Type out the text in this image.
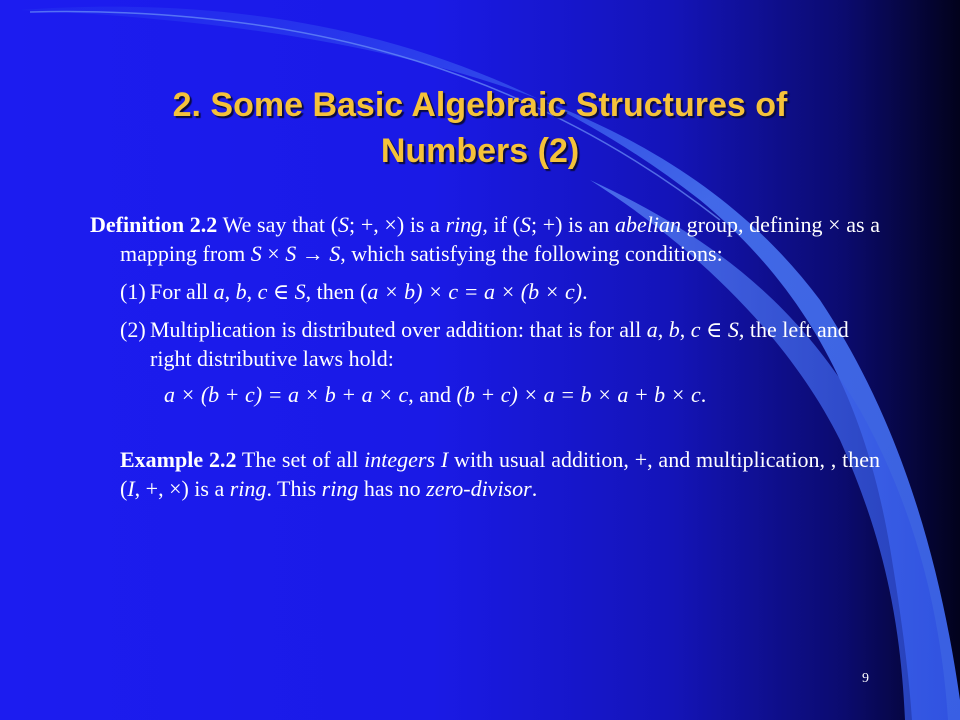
2. Some Basic Algebraic Structures of
Numbers (2)

Definition 2.2 We say that (S; +, ×) is a ring, if (S; +) is an abelian group, defining × as a mapping from S × S → S, which satisfying the following conditions:

(1) For all a, b, c ∈ S, then (a × b) × c = a × (b × c).
(2) Multiplication is distributed over addition: that is for all a, b, c ∈ S, the left and right distributive laws hold:
a × (b + c) = a × b + a × c, and (b + c) × a = b × a + b × c.

Example 2.2 The set of all integers I with usual addition, +, and multiplication, , then (I, +, ×) is a ring. This ring has no zero-divisor.

9
